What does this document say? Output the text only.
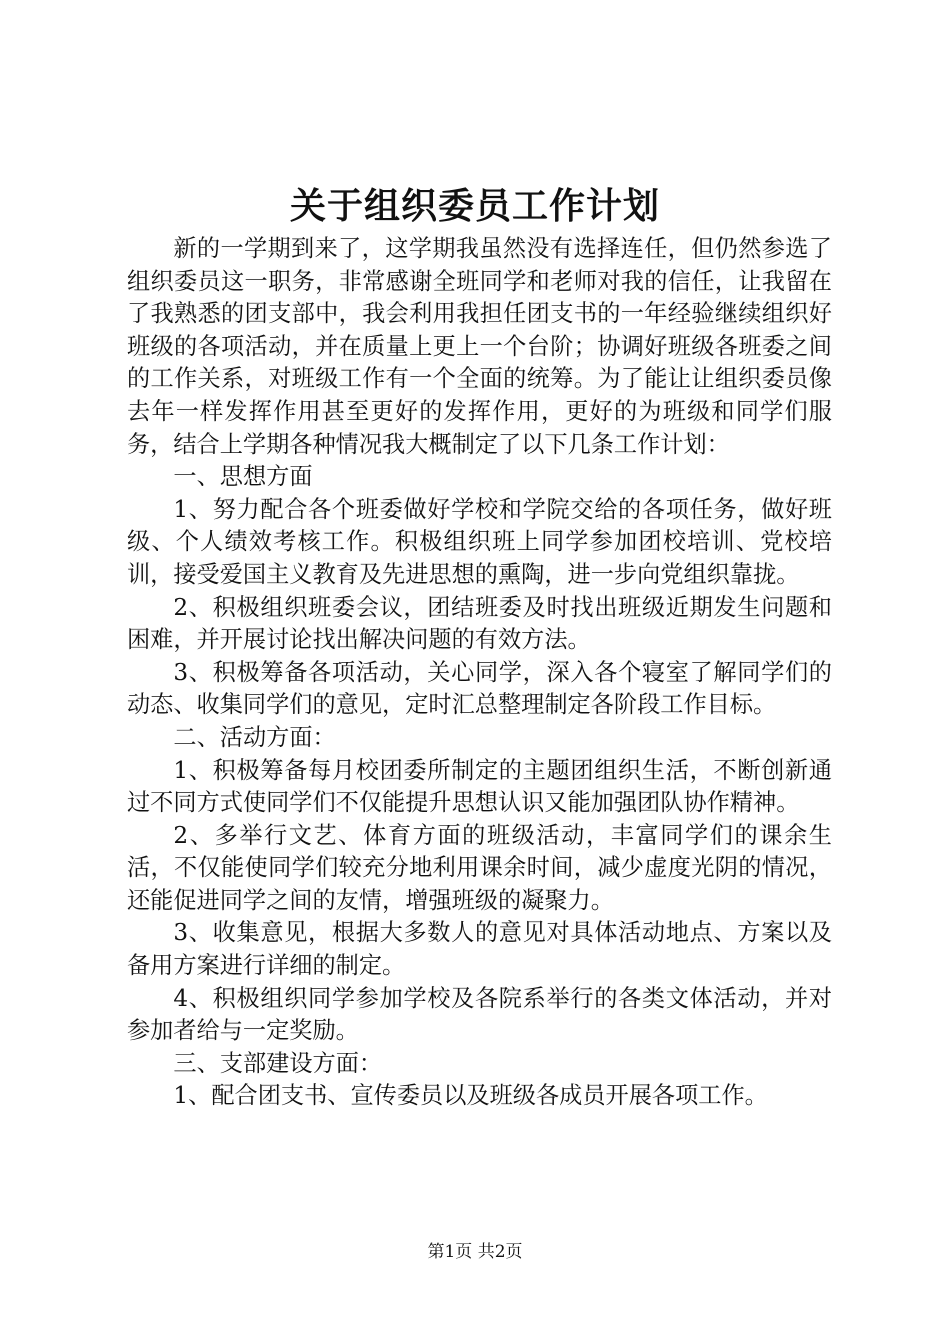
关于组织委员工作计划

新的一学期到来了，这学期我虽然没有选择连任，但仍然参选了组织委员这一职务，非常感谢全班同学和老师对我的信任，让我留在了我熟悉的团支部中，我会利用我担任团支书的一年经验继续组织好班级的各项活动，并在质量上更上一个台阶；协调好班级各班委之间的工作关系，对班级工作有一个全面的统筹。为了能让让组织委员像去年一样发挥作用甚至更好的发挥作用，更好的为班级和同学们服务，结合上学期各种情况我大概制定了以下几条工作计划：

一、思想方面

1、努力配合各个班委做好学校和学院交给的各项任务，做好班级、个人绩效考核工作。积极组织班上同学参加团校培训、党校培训，接受爱国主义教育及先进思想的熏陶，进一步向党组织靠拢。

2、积极组织班委会议，团结班委及时找出班级近期发生问题和困难，并开展讨论找出解决问题的有效方法。

3、积极筹备各项活动，关心同学，深入各个寝室了解同学们的动态、收集同学们的意见，定时汇总整理制定各阶段工作目标。

二、活动方面：

1、积极筹备每月校团委所制定的主题团组织生活，不断创新通过不同方式使同学们不仅能提升思想认识又能加强团队协作精神。

2、多举行文艺、体育方面的班级活动，丰富同学们的课余生活，不仅能使同学们较充分地利用课余时间，减少虚度光阴的情况，还能促进同学之间的友情，增强班级的凝聚力。

3、收集意见，根据大多数人的意见对具体活动地点、方案以及备用方案进行详细的制定。

4、积极组织同学参加学校及各院系举行的各类文体活动，并对参加者给与一定奖励。

三、支部建设方面：

1、配合团支书、宣传委员以及班级各成员开展各项工作。

第1页 共2页
